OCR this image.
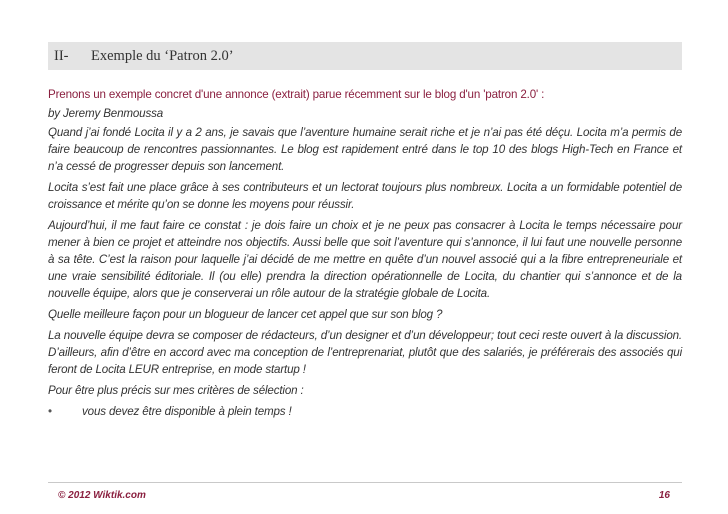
II-	Exemple du ‘Patron 2.0’

Prenons un exemple concret d'une annonce (extrait) parue récemment sur le blog d'un 'patron 2.0' :

by Jeremy Benmoussa

Quand j’ai fondé Locita il y a 2 ans, je savais que l’aventure humaine serait riche et je n’ai pas été déçu. Locita m’a permis de faire beaucoup de rencontres passionnantes. Le blog est rapidement entré dans le top 10 des blogs High-Tech en France et n’a cessé de progresser depuis son lancement.

Locita s’est fait une place grâce à ses contributeurs et un lectorat toujours plus nombreux. Locita a un formidable potentiel de croissance et mérite qu’on se donne les moyens pour réussir.

Aujourd’hui, il me faut faire ce constat : je dois faire un choix et je ne peux pas consacrer à Locita le temps nécessaire pour mener à bien ce projet et atteindre nos objectifs. Aussi belle que soit l’aventure qui s’annonce, il lui faut une nouvelle personne à sa tête. C’est la raison pour laquelle j’ai décidé de me mettre en quête d’un nouvel associé qui a la fibre entrepreneuriale et une vraie sensibilité éditoriale. Il (ou elle) prendra la direction opérationnelle de Locita, du chantier qui s’annonce et de la nouvelle équipe, alors que je conserverai un rôle autour de la stratégie globale de Locita.

Quelle meilleure façon pour un blogueur de lancer cet appel que sur son blog ?

La nouvelle équipe devra se composer de rédacteurs, d’un designer et d’un développeur; tout ceci reste ouvert à la discussion. D’ailleurs, afin d’être en accord avec ma conception de l’entreprenariat, plutôt que des salariés, je préférerais des associés qui feront de Locita LEUR entreprise, en mode startup !

Pour être plus précis sur mes critères de sélection :

•	vous devez être disponible à plein temps !
© 2012 Wiktik.com	16
